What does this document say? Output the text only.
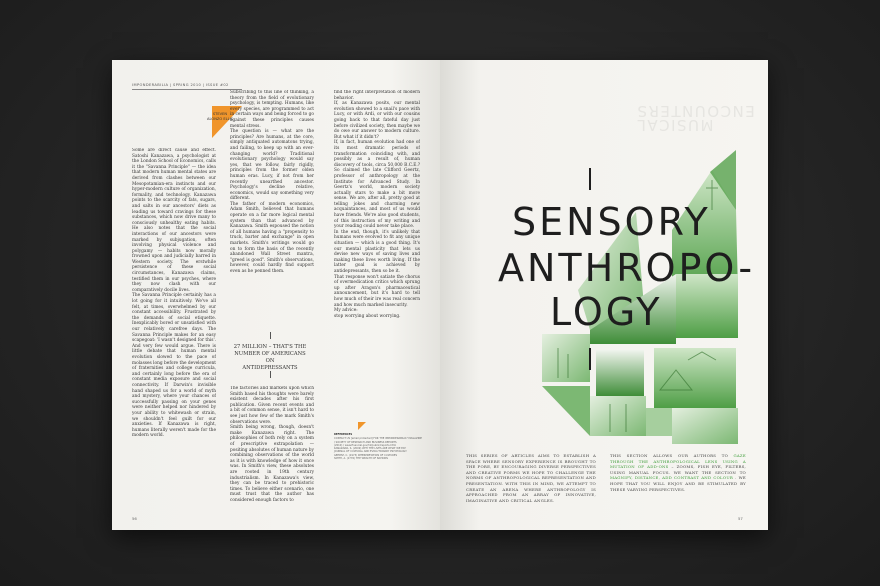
IMPONDERABILIA | SPRING 2010 | ISSUE #02
STEVEN
ALONZO ELLIS

Some are direct cause and effect. Satoshi Kanazawa, a psychologist at the London School of Economics, calls it the "Savanna Principle" — the idea that modern human mental states are derived from clashes between our Mesopotamian-era instincts and our hyper-modern culture of organization, formality, and technology. Kanazawa points to the scarcity of fats, sugars, and salts in our ancestors' diets as leading us toward cravings for these substances, which now drive many to consciously unhealthy eating habits. He also notes that the social interactions of our ancestors were marked by subjugation, often involving physical violence and polygamy — habits now morally frowned upon and judicially barred in Western society. The erstwhile persistence of these social circumstances, Kanazawa claims, testified them in our psyches, where they now clash with our comparatively docile lives.

The Savanna Principle certainly has a lot going for it intuitively. We've all felt, at times, overwhelmed by our constant accessibility. Frustrated by the demands of social etiquette. Inexplicably bored or unsatisfied with our relatively carefree days. The Savanna Principle makes for an easy scapegoat: 'I wasn't designed for this'. And very few would argue. There is little debate that human mental evolution slowed to the pace of molasses long before the development of fraternities and college curricula, and certainly long before the era of constant media exposure and social connectivity. If Darwin's invisible hand shaped us for a world of myth and mystery, where your chances of successfully passing on your genes were neither helped nor hindered by your ability to whitewash or strain, we shouldn't feel guilt for our anxieties. If Kanazawa is right, humans literally weren't made for the modern world.

Subscribing to this line of thinking, a theory from the field of evolutionary psychology, is tempting. Humans, like every species, are programmed to act in certain ways and being forced to go against these principles causes mental stress.

The question is — what are the principles? Are humans, at the core, simply antiquated automatons trying, and failing, to keep up with an ever-changing world? Traditional evolutionary psychology would say yes, that we follow, fairly rigidly, principles from the former olden human eras. Lucy, if not from her recently unearthed ancestor. Psychology's decline relative, economics, would say something very different.

The father of modern economics, Adam Smith, believed that humans operate on a far more logical mental system than that advanced by Kanazawa. Smith espoused the notion of all humans having a "propensity to truck, barter and exchange" in open markets. Smith's writings would go on to form the basis of the recently abandoned Wall Street mantra, "greed is good". Smith's observations, however, could hardly find support even as he penned them.

27 MILLION – THAT'S THE
NUMBER OF AMERICANS ON
ANTIDEPRESSANTS

The factories and markets upon which Smith based his thoughts were barely existent decades after his first publication. Given recent events and a bit of common sense, it isn't hard to see just how few of the mark Smith's observations were.

Smith being wrong, though, doesn't make Kanazawa right. The philosophies of both rely on a system of prescriptive extrapolation — positing absolutes of human nature by combining observations of the world as it is with knowledge of how it once was. In Smith's view, these absolutes are rooted in 19th century industrialism. In Kanazawa's view, they can be traced to prehistoric times. To believe either scenario, one must trust that the author has considered enough factors to

find the right interpretation of modern behavior.

If, as Kanazawa posits, our mental evolution showed to a snail's pace with Lucy, or with Ardi, or with our cousins going back to that fateful day just before civilized society, then maybe we do owe our answer to modern culture. But what if it didn't?

If, in fact, human evolution had one of its most dramatic periods of transformation coinciding with, and possibly as a result of, human discovery of tools, circa 50,000 B.C.E.? So claimed the late Clifford Geertz, professor of anthropology at the Institute for Advanced Study. In Geertz's world, modern society actually stars to make a bit more sense. We are, after all, pretty good at telling jokes and charming new acquaintances, and most of us would have friends. We're also good students, of this instruction of my writing and your reading could never take place.

In the end, though, it's unlikely that humans were evolved to fit any unique situation — which is a good thing. It's our mental plasticity that lets us devise new ways of saving lives and making these lives worth living. If the latter goal is achieved by antidepressants, then so be it.

That response won't satiate the chorus of overmedication critics which sprung up after Aragon's pharmaceutical announcement, but it's hard to tell how much of their ire was real concern and how much marked insecurity.

My advice:

stop worrying about worrying.

REFERENCES
CONTACT US [email protected] FOR THE IMPONDERABILIA* MAGAZINE / SOCIETY OF RESEARCH AND BUSINESS REPORTS
(2010) / www.financial.gov/h2/public/reports.html
KANAZAWA, S. (2009) WHY THE LIVES ARE WHAT WE EAT
JOURNAL OF CULTURAL AND EVOLUTIONARY PSYCHOLOGY
GEERTZ, C. (1973) INTERPRETATION OF CULTURES
SMITH, A. (1776) THE WEALTH OF NATIONS
56
MUSICAL
ENCOUNTERS
SENSORY
ANTHROPO-
LOGY
THIS SERIES OF ARTICLES AIMS TO ESTABLISH A SPACE WHERE SENSORY EXPERIENCE IS BROUGHT TO THE FORE, BY ENCOURAGING DIVERSE PERSPECTIVES AND CREATIVE FORMS WE HOPE TO CHALLENGE THE NORMS OF ANTHROPOLOGICAL REPRESENTATION AND PRESENTATION. WITH THIS IN MIND, WE ATTEMPT TO CREATE AN ARENA WHERE ANTHROPOLOGY IS APPROACHED FROM AN ARRAY OF INNOVATIVE, IMAGINATIVE AND CRITICAL ANGLES.
THIS SECTION ALLOWS OUR AUTHORS TO GAZE THROUGH THE ANTHROPOLOGICAL LENS USING A MUTATION OF ADD-ONS – ZOOMS, FISH EYE, FILTERS, USING MANUAL FOCUS. WE WANT THE SECTION TO MAGNIFY, DISTANCE, ADD CONTRAST AND COLOUR . WE HOPE THAT YOU WILL ENJOY AND BE STIMULATED BY THESE VARYING PERSPECTIVES.
57
